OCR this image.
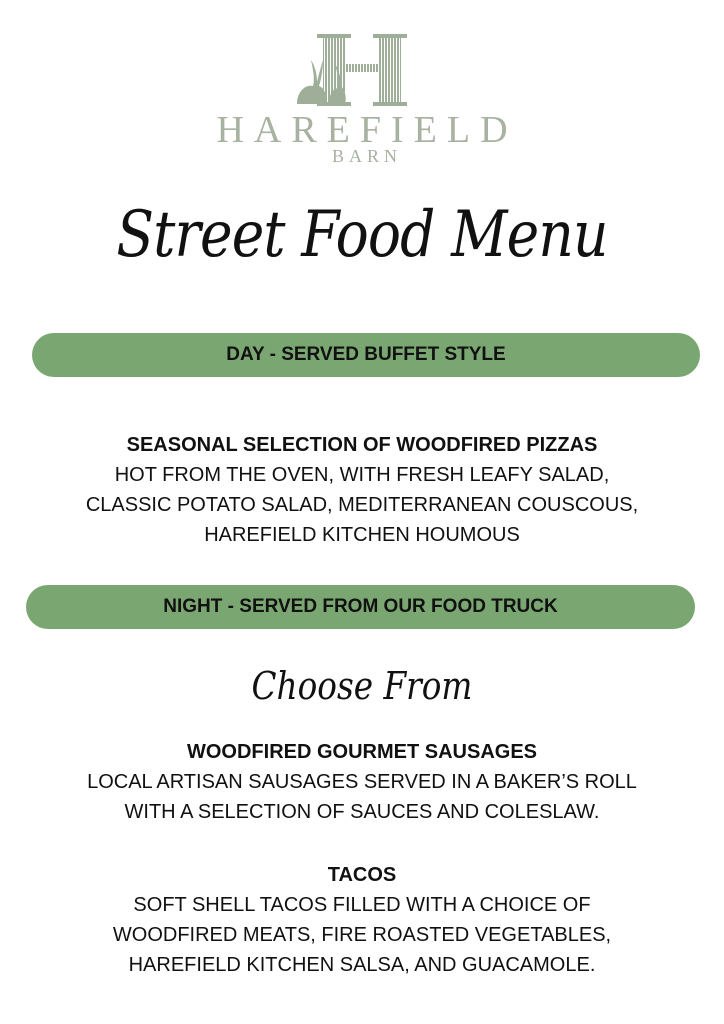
HAREFIELD
BARN
Street Food Menu
DAY - SERVED BUFFET STYLE
SEASONAL SELECTION OF WOODFIRED PIZZAS
HOT FROM THE OVEN, WITH FRESH LEAFY SALAD,
CLASSIC POTATO SALAD, MEDITERRANEAN COUSCOUS,
HAREFIELD KITCHEN HOUMOUS
NIGHT - SERVED FROM OUR FOOD TRUCK
Choose From
WOODFIRED GOURMET SAUSAGES
LOCAL ARTISAN SAUSAGES SERVED IN A BAKER’S ROLL
WITH A SELECTION OF SAUCES AND COLESLAW.
TACOS
SOFT SHELL TACOS FILLED WITH A CHOICE OF
WOODFIRED MEATS, FIRE ROASTED VEGETABLES,
HAREFIELD KITCHEN SALSA, AND GUACAMOLE.
